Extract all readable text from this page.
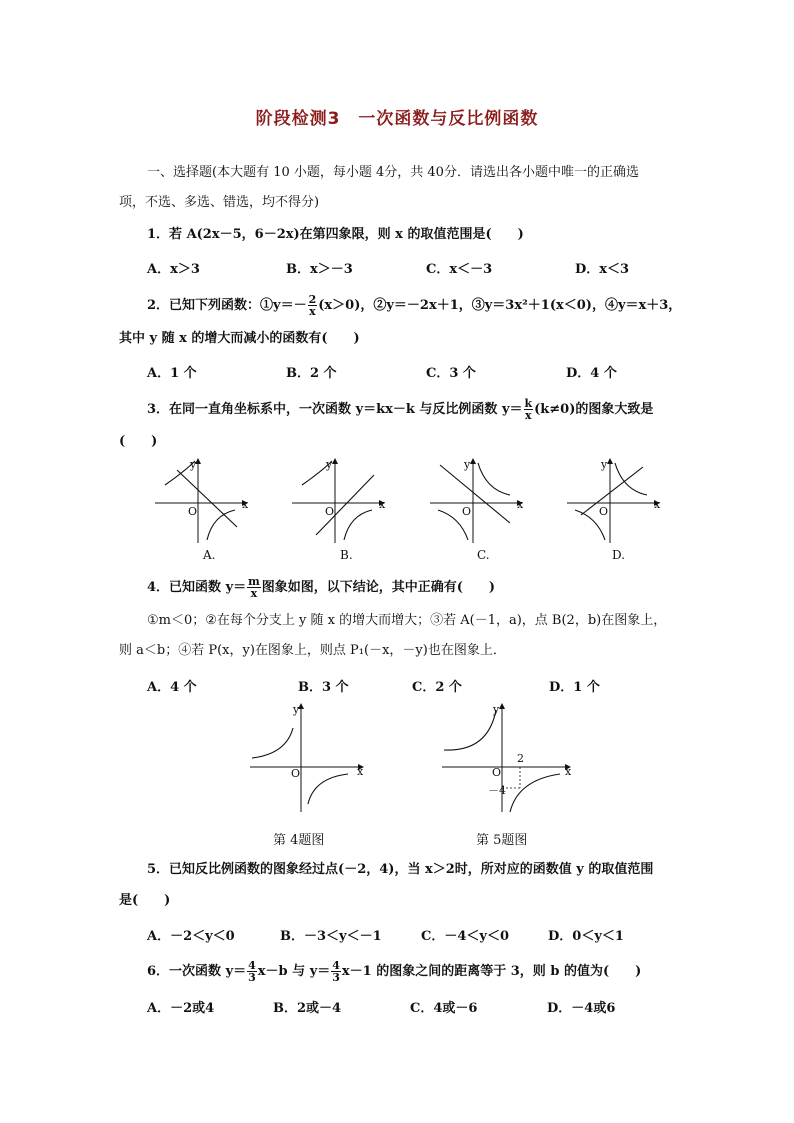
阶段检测3　一次函数与反比例函数
一、选择题(本大题有 10 小题，每小题 4分，共 40分．请选出各小题中唯一的正确选
项，不选、多选、错选，均不得分)
1．若 A(2x－5，6－2x)在第四象限，则 x 的取值范围是(　　)
A．x＞3	B．x＞－3	C．x＜－3	D．x＜3
2．已知下列函数：①y＝－ $\frac{2}{x} (x>0)$，②y＝－2x＋1，③y＝3x²＋1(x＜0)，④y＝x＋3，
其中 y 随 x 的增大而减小的函数有(　　)
A．1 个	B．2 个	C．3 个	D．4 个
3．在同一直角坐标系中，一次函数 y＝kx－k 与反比例函数 $y= \frac{k}{x} (k\ne 0)$的图象大致是
(　　)
y
x
O
y
x
O
y
x
O
y
x
O
A.	B.	C.	D.
4．已知函数 $y= \frac{m}{x}$ 图象如图，以下结论，其中正确有(　　)
①m＜0；②在每个分支上 y 随 x 的增大而增大；③若 A(－1，a)，点 B(2，b)在图象上，
则 a＜b；④若 P(x，y)在图象上，则点 P₁(－x，－y)也在图象上．
A．4 个	B．3 个	C．2 个	D．1 个
y
x
O
第 4题图
y
x
O
2
－4
第 5题图
5．已知反比例函数的图象经过点(－2，4)，当 x＞2时，所对应的函数值 y 的取值范围
是(　　)
A．－2＜y＜0	B．－3＜y＜－1	C．－4＜y＜0	D．0＜y＜1
6．一次函数 $y= \frac{4}{3} x-b$ 与 $y= \frac{4}{3} x-1$ 的图象之间的距离等于 3，则 b 的值为(　　)
A．－2或4	B．2或－4	C．4或－6	D．－4或6
